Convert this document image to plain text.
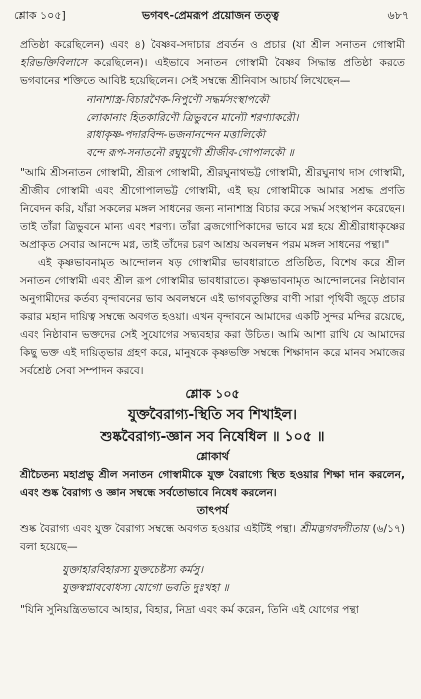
শ্লোক ১০৫]	ভগবৎ-প্রেমরূপ প্রয়োজন তত্ত্ব	৬৮৭

প্রতিষ্ঠা করেছিলেন) এবং ৪) বৈষ্ণব-সদাচার প্রবর্তন ও প্রচার (যা শ্রীল সনাতন গোস্বামী হরিভক্তিবিলাসে করেছিলেন)। এইভাবে সনাতন গোস্বামী বৈষ্ণব সিদ্ধান্ত প্রতিষ্ঠা করতে ভগবানের শক্তিতে আবিষ্ট হয়েছিলেন। সেই সম্বন্ধে শ্রীনিবাস আচার্য লিখেছেন—

নানাশাস্ত্র-বিচারণৈক-নিপুণৌ সদ্ধর্মসংস্থাপকৌ
লোকানাং হিতকারিণৌ ত্রিভুবনে মান্যৌ শরণ্যাকরৌ।
রাধাকৃষ্ণ-পদারবিন্দ-ভজনানন্দেন মত্তালিকৌ
বন্দে রূপ-সনাতনৌ রঘুযুগৌ শ্রীজীব-গোপালকৌ ॥

"আমি শ্রীসনাতন গোস্বামী, শ্রীরূপ গোস্বামী, শ্রীরঘুনাথভট্ট গোস্বামী, শ্রীরঘুনাথ দাস গোস্বামী, শ্রীজীব গোস্বামী এবং শ্রীগোপালভট্ট গোস্বামী, এই ছয় গোস্বামীকে আমার সশ্রদ্ধ প্রণতি নিবেদন করি, যাঁরা সকলের মঙ্গল সাধনের জন্য নানাশাস্ত্র বিচার করে সদ্ধর্ম সংস্থাপন করেছেন। তাই তাঁরা ত্রিভুবনে মান্য এবং শরণ্য। তাঁরা ব্রজগোপিকাদের ভাবে মগ্ন হয়ে শ্রীশ্রীরাধাকৃষ্ণের অপ্রাকৃত সেবার আনন্দে মগ্ন, তাই তাঁদের চরণ আশ্রয় অবলম্বন পরম মঙ্গল সাধনের পন্থা।"

এই কৃষ্ণভাবনামৃত আন্দোলন ষড় গোস্বামীর ভাবধারাতে প্রতিষ্ঠিত, বিশেষ করে শ্রীল সনাতন গোস্বামী এবং শ্রীল রূপ গোস্বামীর ভাবধারাতে। কৃষ্ণভাবনামৃত আন্দোলনের নিষ্ঠাবান অনুগামীদের কর্তব্য বৃন্দাবনের ভাব অবলম্বনে এই ভাগবতুক্তির বাণী সারা পৃথিবী জুড়ে প্রচার করার মহান দায়িত্ব সম্বন্ধে অবগত হওয়া। এখন বৃন্দাবনে আমাদের একটি সুন্দর মন্দির রয়েছে, এবং নিষ্ঠাবান ভক্তদের সেই সুযোগের সদ্ব্যবহার করা উচিত। আমি আশা রাখি যে আমাদের কিছু ভক্ত এই দায়িত্ভার গ্রহণ করে, মানুষকে কৃষ্ণভক্তি সম্বন্ধে শিক্ষাদান করে মানব সমাজের সর্বশ্রেষ্ঠ সেবা সম্পাদন করবে।

শ্লোক ১০৫
যুক্তবৈরাগ্য-স্থিতি সব শিখাইল।
শুষ্কবৈরাগ্য-জ্ঞান সব নিষেধিল ॥ ১০৫ ॥
শ্লোকার্থ

শ্রীচৈতন্য মহাপ্রভু শ্রীল সনাতন গোস্বামীকে যুক্ত বৈরাগ্যে স্থিত হওয়ার শিক্ষা দান করলেন, এবং শুষ্ক বৈরাগ্য ও জ্ঞান সম্বন্ধে সর্বতোভাবে নিষেধ করলেন।

তাৎপর্য

শুষ্ক বৈরাগ্য এবং যুক্ত বৈরাগ্য সম্বন্ধে অবগত হওয়ার এইটিই পন্থা। শ্রীমদ্ভগবদ্গীতায় (৬/১৭) বলা হয়েছে—

যুক্তাহারবিহারস্য যুক্তচেষ্টস্য কর্মসু।
যুক্তস্বপ্নাববোধস্য যোগো ভবতি দুঃখহা ॥

"যিনি সুনিয়ন্ত্রিতভাবে আহার, বিহার, নিদ্রা এবং কর্ম করেন, তিনি এই যোগের পন্থা
